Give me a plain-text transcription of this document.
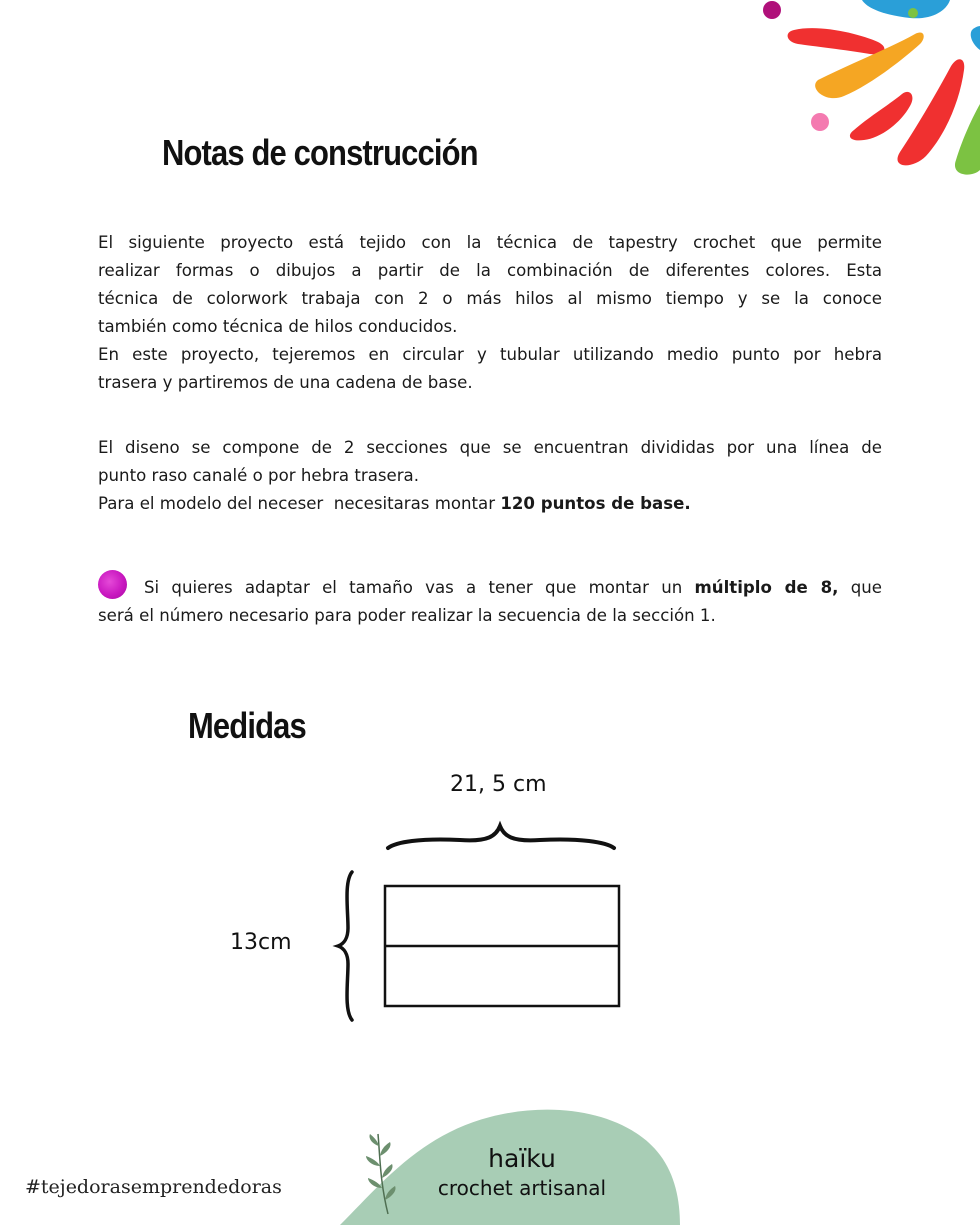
Notas de construcción
El siguiente proyecto está tejido con la técnica de tapestry crochet que permite
realizar formas o dibujos a partir de la combinación de diferentes colores. Esta
técnica de colorwork trabaja con 2 o más hilos al mismo tiempo y se la conoce
también como técnica de hilos conducidos.
En este proyecto, tejeremos en circular y tubular utilizando medio punto por hebra
trasera y partiremos de una cadena de base.
El diseno se compone de 2 secciones que se encuentran divididas por una línea de
punto raso canalé o por hebra trasera.
Para el modelo del neceser  necesitaras montar 120 puntos de base.
Si quieres adaptar el tamaño vas a tener que montar un múltiplo de 8, que
será el número necesario para poder realizar la secuencia de la sección 1.
Medidas
21, 5 cm
13cm
#tejedorasemprendedoras
haïku
crochet artisanal
